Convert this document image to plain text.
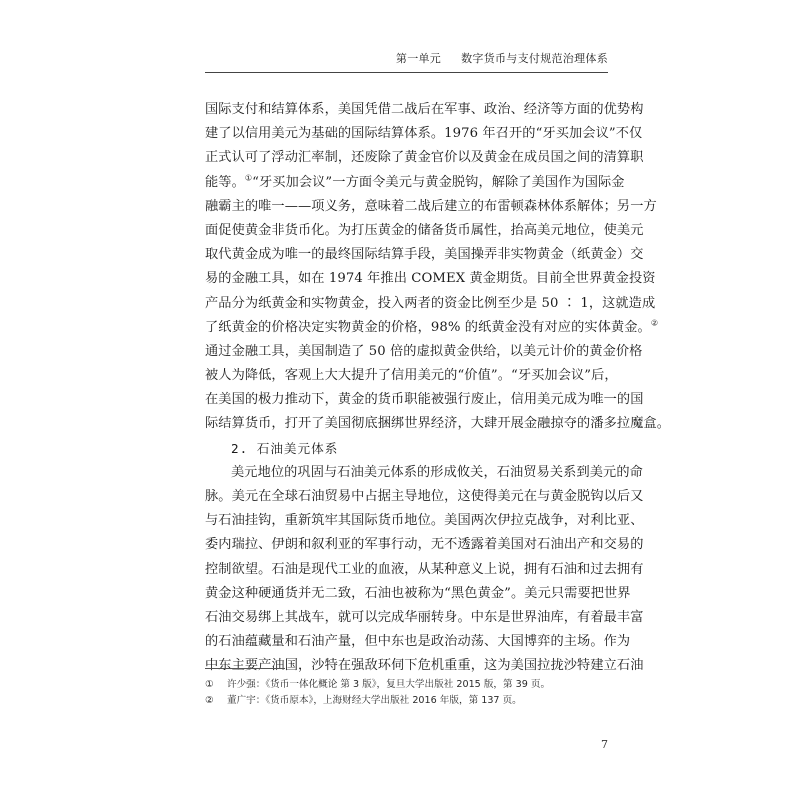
第一单元 数字货币与支付规范治理体系
国际支付和结算体系，美国凭借二战后在军事、政治、经济等方面的优势构
建了以信用美元为基础的国际结算体系。1976 年召开的“牙买加会议”不仅
正式认可了浮动汇率制，还废除了黄金官价以及黄金在成员国之间的清算职
能等。①“牙买加会议”一方面令美元与黄金脱钩，解除了美国作为国际金
融霸主的唯一——项义务，意味着二战后建立的布雷顿森林体系解体；另一方
面促使黄金非货币化。为打压黄金的储备货币属性，抬高美元地位，使美元
取代黄金成为唯一的最终国际结算手段，美国操弄非实物黄金（纸黄金）交
易的金融工具，如在 1974 年推出 COMEX 黄金期货。目前全世界黄金投资
产品分为纸黄金和实物黄金，投入两者的资金比例至少是 50 ∶ 1，这就造成
了纸黄金的价格决定实物黄金的价格，98% 的纸黄金没有对应的实体黄金。②
通过金融工具，美国制造了 50 倍的虚拟黄金供给，以美元计价的黄金价格
被人为降低，客观上大大提升了信用美元的“价值”。“牙买加会议”后，
在美国的极力推动下，黄金的货币职能被强行废止，信用美元成为唯一的国
际结算货币，打开了美国彻底捆绑世界经济，大肆开展金融掠夺的潘多拉魔盒。
2. 石油美元体系
美元地位的巩固与石油美元体系的形成攸关，石油贸易关系到美元的命
脉。美元在全球石油贸易中占据主导地位，这使得美元在与黄金脱钩以后又
与石油挂钩，重新筑牢其国际货币地位。美国两次伊拉克战争，对利比亚、
委内瑞拉、伊朗和叙利亚的军事行动，无不透露着美国对石油出产和交易的
控制欲望。石油是现代工业的血液，从某种意义上说，拥有石油和过去拥有
黄金这种硬通货并无二致，石油也被称为“黑色黄金”。美元只需要把世界
石油交易绑上其战车，就可以完成华丽转身。中东是世界油库，有着最丰富
的石油蕴藏量和石油产量，但中东也是政治动荡、大国博弈的主场。作为
中东主要产油国，沙特在强敌环伺下危机重重，这为美国拉拢沙特建立石油
① 许少强：《货币一体化概论 第 3 版》，复旦大学出版社 2015 版，第 39 页。
② 董广宇：《货币原本》，上海财经大学出版社 2016 年版，第 137 页。
7
